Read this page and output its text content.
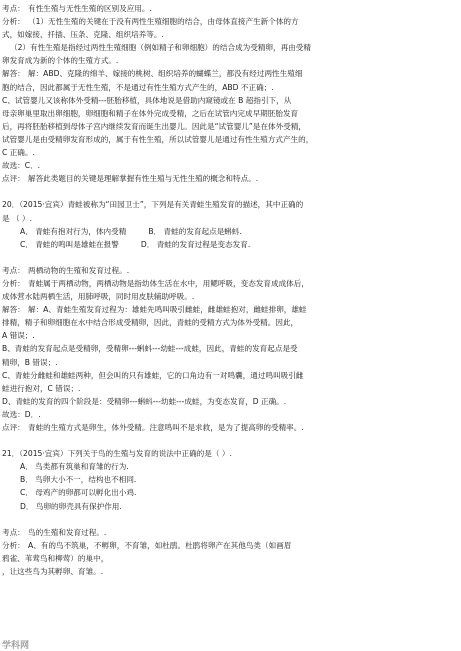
考点： 有性生殖与无性生殖的区别及应用。.
分析： （1）无性生殖的关键在于没有两性生殖细胞的结合，由母体直接产生新个体的方
式，如嫁接、扦插、压条、克隆、组织培养等。.
（2）有性生殖是指经过两性生殖细胞（例如精子和卵细胞）的结合成为受精卵，再由受精
卵发育成为新的个体的生殖方式。.
解答： 解：ABD、克隆的绵羊、嫁接的桃树、组织培养的蝴蝶兰，都没有经过两性生殖细
胞的结合，因此都属于无性生殖，不是通过有性生殖方式产生的，ABD 不正确；.
C、试管婴儿又该称体外受精---胚胎移植，具体地说是借助内窥镜或在 B 超指引下，从
母亲卵巢里取出卵细胞，卵细胞和精子在体外完成受精，之后在试管内完成早期胚胎发育
后，再将胚胎移植到母体子宫内继续发育而诞生出婴儿。因此是“试管婴儿”是在体外受精，
试管婴儿是由受精卵发育形成的，属于有性生殖，所以试管婴儿是通过有性生殖方式产生的，
C 正确。.
故选：C．.
点评： 解答此类题目的关键是理解掌握有性生殖与无性生殖的概念和特点。.
20．（2015·宜宾）青蛙被称为“田园卫士”，下列是有关青蛙生殖发育的描述，其中正确的
是 （ ）.
A． 青蛙有抱对行为，体内受精	B． 青蛙的发育起点是蝌蚪.
C． 青蛙的鸣叫是雄蛙在报警	D． 青蛙的发育过程是变态发育.
考点： 两栖动物的生殖和发育过程。.
分析： 青蛙属于两栖动物，两栖动物是指幼体生活在水中，用鳃呼吸，变态发育成成体后，
成体营水陆两栖生活，用肺呼吸，同时用皮肤辅助呼吸。.
解答： 解：A、青蛙生殖发育过程为：雄蛙先鸣叫吸引雌蛙，雌雄蛙抱对，雌蛙排卵，雄蛙
排精，精子和卵细胞在水中结合形成受精卵，因此，青蛙的受精方式为体外受精。因此，
A 错误；.
B、青蛙的发育起点是受精卵，受精卵---蝌蚪---幼蛙---成蛙，因此，青蛙的发育起点是受
精卵，B 错误；.
C、青蛙分雌蛙和雄蛙两种，但会叫的只有雄蛙，它的口角边有一对鸣囊，通过鸣叫吸引雌
蛙进行抱对，C 错误；.
D、青蛙的发育的四个阶段是：受精卵---蝌蚪---幼蛙---成蛙，为变态发育，D 正确。.
故选：D．.
点评： 青蛙的生殖方式是卵生，体外受精。注意鸣叫不是求救，是为了提高卵的受精率。.
21．（2015·宜宾）下列关于鸟的生殖与发育的说法中正确的是（ ）.
A． 鸟类都有筑巢和育雏的行为.
B． 鸟卵大小不一，结构也不相同.
C． 母鸡产的卵都可以孵化出小鸡.
D． 鸟卵的卵壳具有保护作用.
考点： 鸟的生殖和发育过程。.
分析： A、有的鸟不筑巢，不孵卵，不育雏，如杜鹃。杜鹃将卵产在其他鸟类（如画眉
鸦雀、苇莺鸟和柳莺）的巢中，
，让这些鸟为其孵卵、育雏。.
学科网
